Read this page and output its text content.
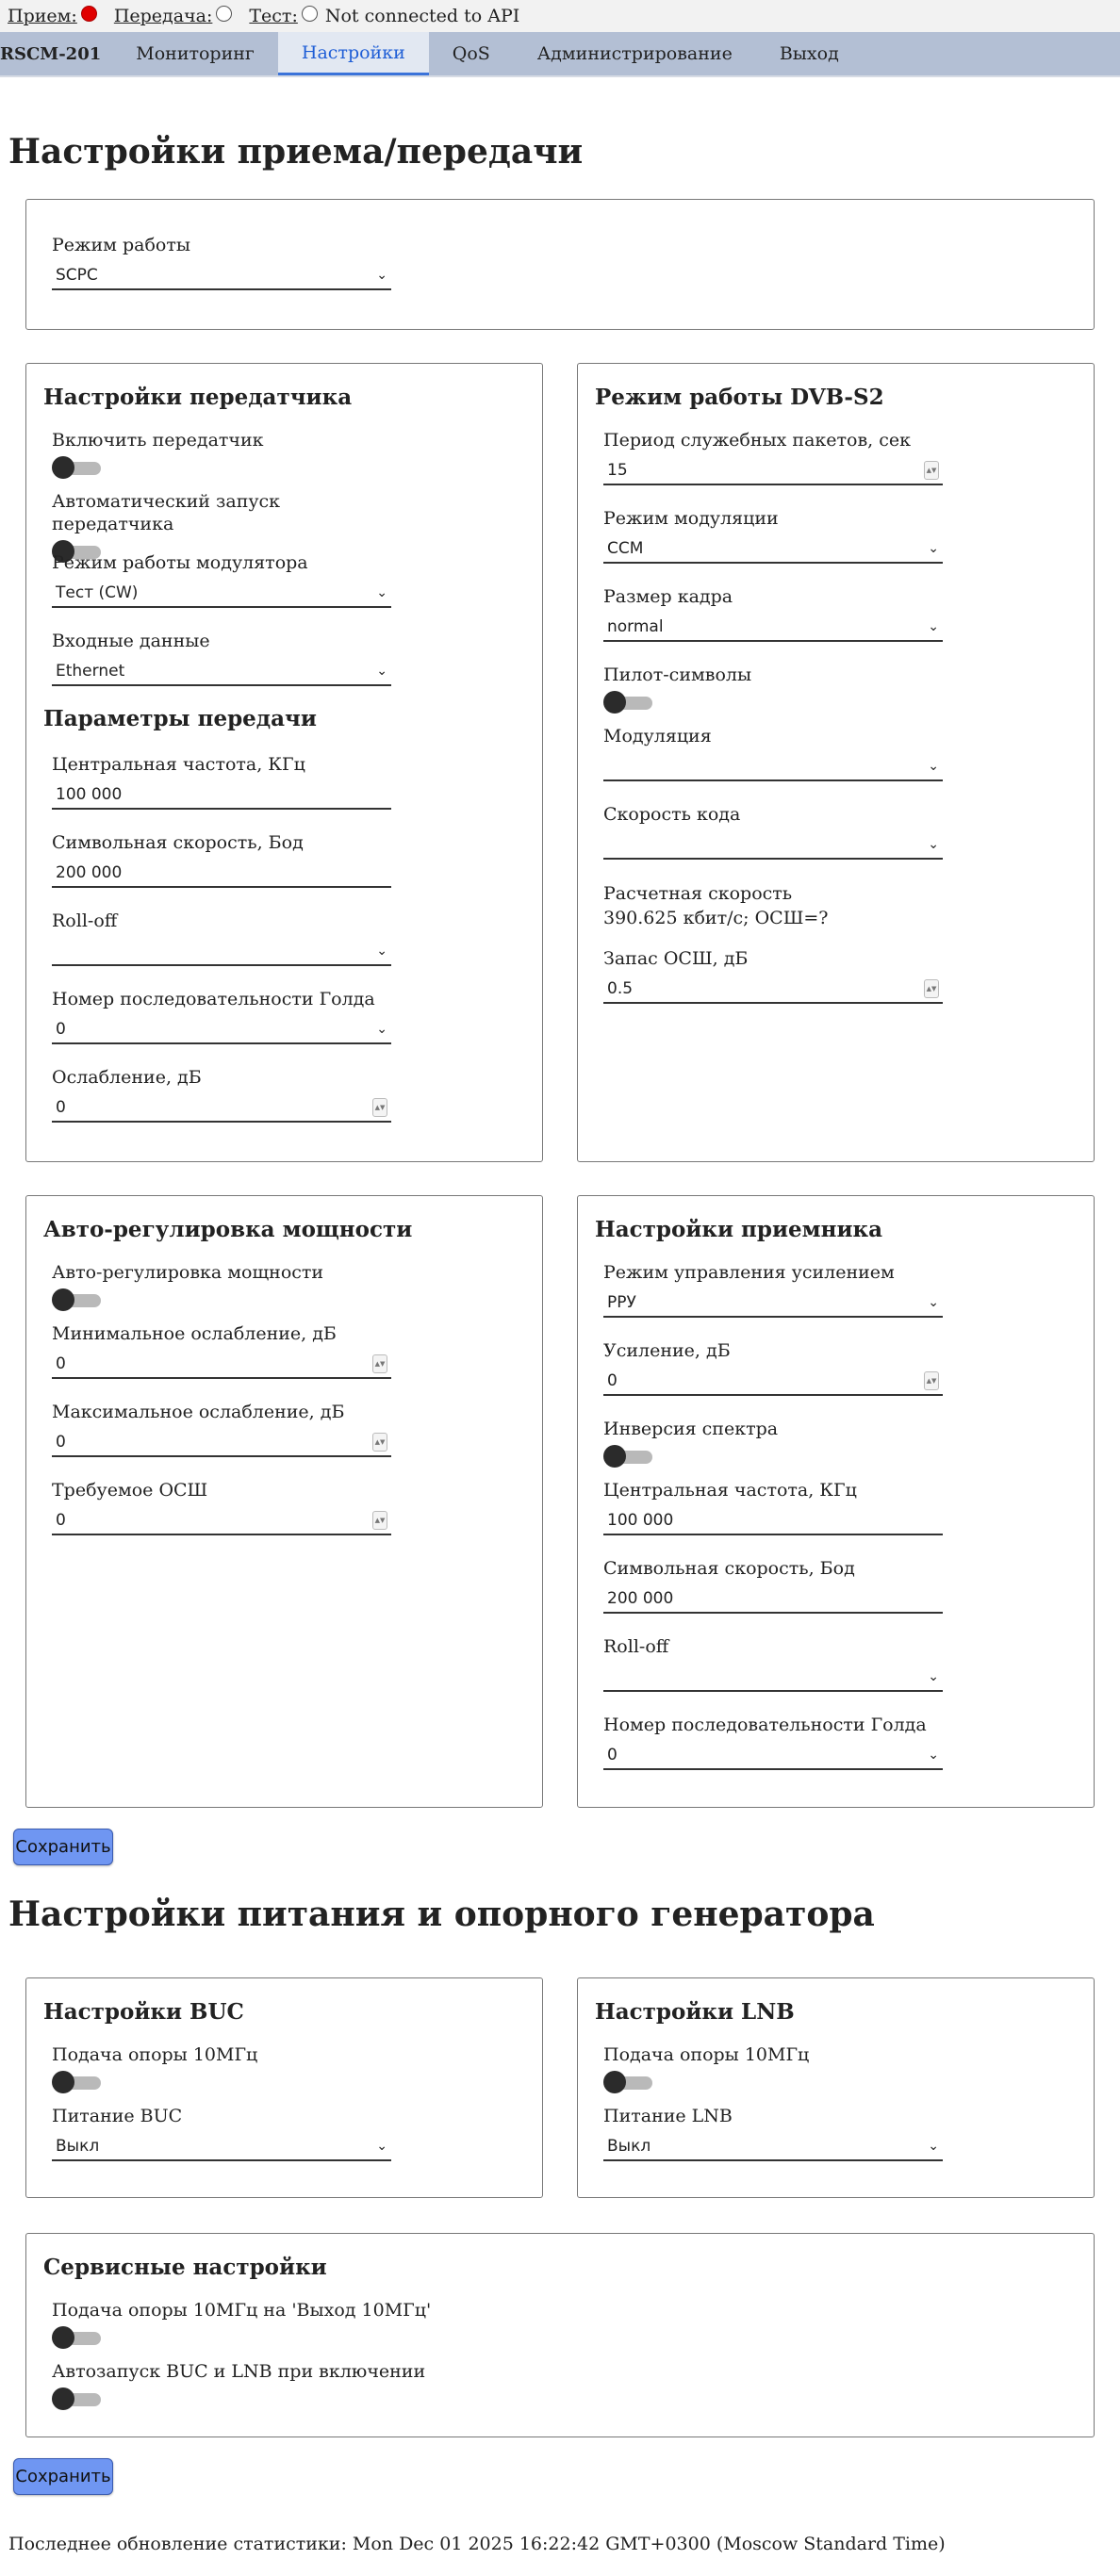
Прием: Передача: Тест: Not connected to API
RSCM-201	Мониторинг	Настройки	QoS	Администрирование	Выход
Настройки приема/передачи
Режим работы
SCPC	⌄
Настройки передатчика
Включить передатчик
Автоматический запуск передатчика
Режим работы модулятора
Тест (CW)	⌄
Входные данные
Ethernet	⌄
Параметры передачи
Центральная частота, КГц
100 000
Символьная скорость, Бод
200 000
Roll-off
⌄
Номер последовательности Голда
0	⌄
Ослабление, дБ
0	▲▼
Режим работы DVB-S2
Период служебных пакетов, сек
15	▲▼
Режим модуляции
CCM	⌄
Размер кадра
normal	⌄
Пилот-символы
Модуляция
⌄
Скорость кода
⌄
Расчетная скорость
390.625 кбит/с; ОСШ=?
Запас ОСШ, дБ
0.5	▲▼
Авто-регулировка мощности
Авто-регулировка мощности
Минимальное ослабление, дБ
0	▲▼
Максимальное ослабление, дБ
0	▲▼
Требуемое ОСШ
0	▲▼
Настройки приемника
Режим управления усилением
РРУ	⌄
Усиление, дБ
0	▲▼
Инверсия спектра
Центральная частота, КГц
100 000
Символьная скорость, Бод
200 000
Roll-off
⌄
Номер последовательности Голда
0	⌄
Сохранить
Настройки питания и опорного генератора
Настройки BUC
Подача опоры 10МГц
Питание BUC
Выкл	⌄
Настройки LNB
Подача опоры 10МГц
Питание LNB
Выкл	⌄
Сервисные настройки
Подача опоры 10МГц на 'Выход 10МГц'
Автозапуск BUC и LNB при включении
Сохранить
Последнее обновление статистики: Mon Dec 01 2025 16:22:42 GMT+0300 (Moscow Standard Time)
